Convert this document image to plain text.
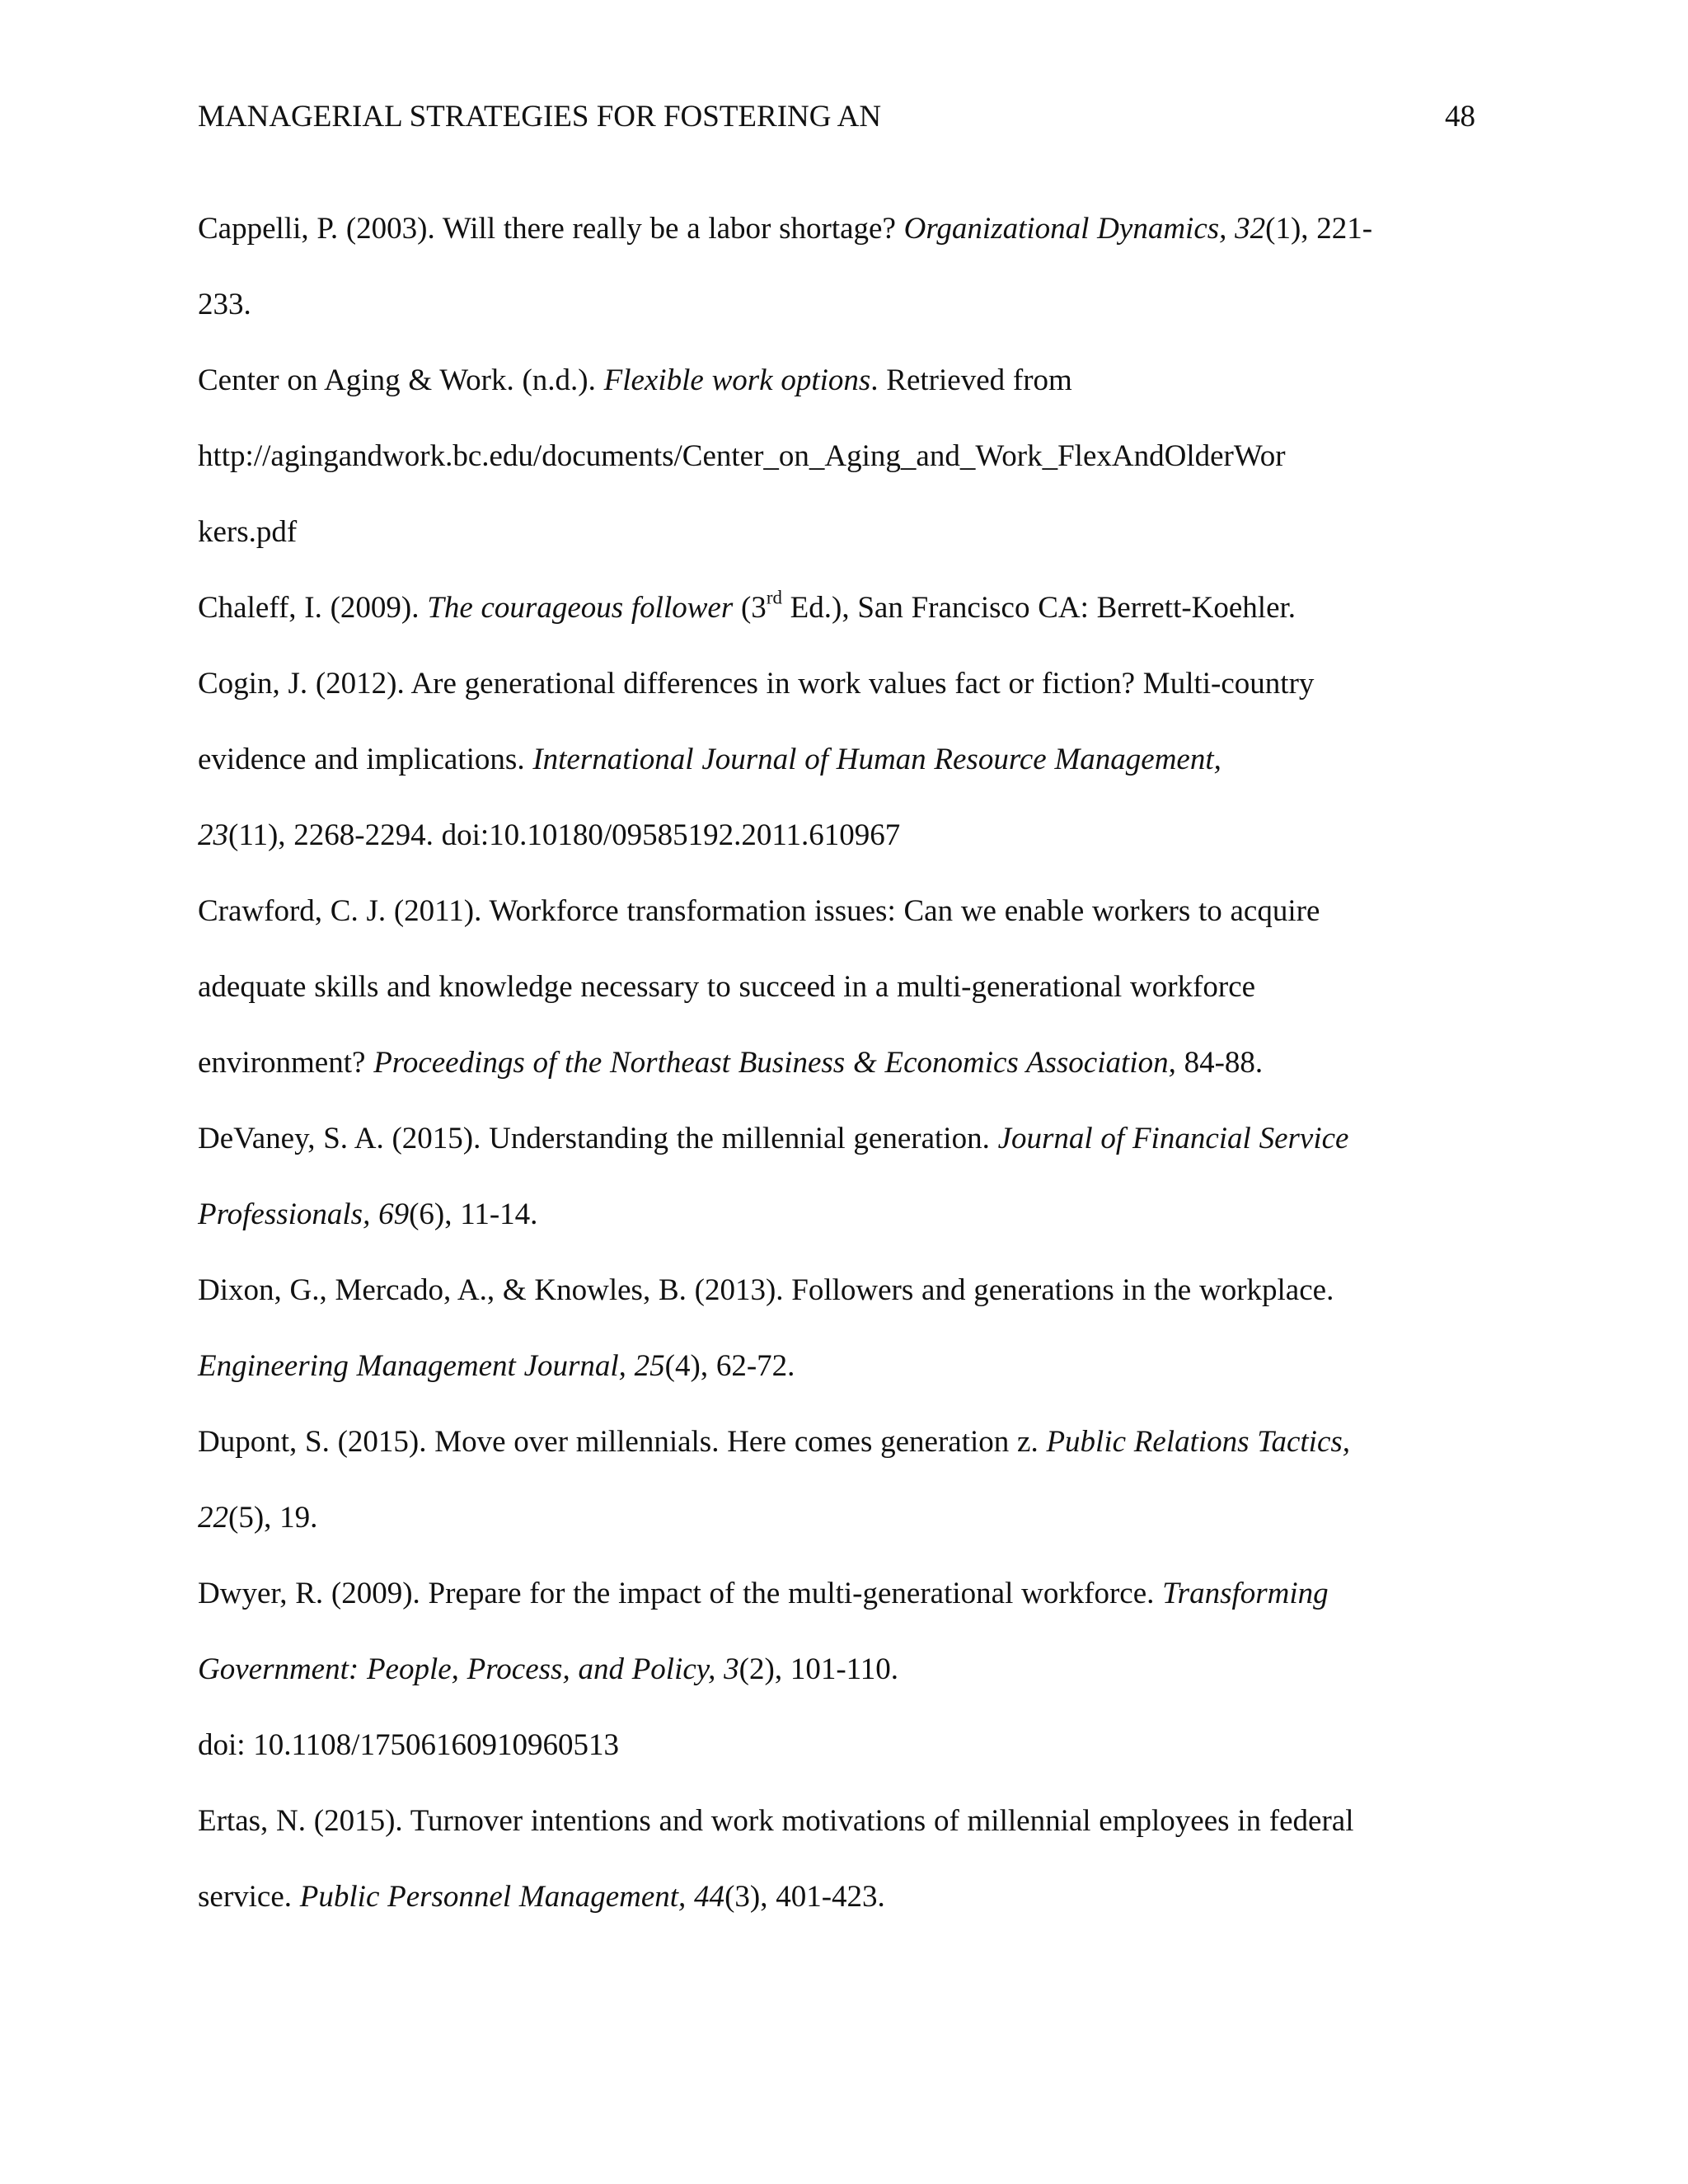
MANAGERIAL STRATEGIES FOR FOSTERING AN	48

Cappelli, P. (2003). Will there really be a labor shortage? Organizational Dynamics, 32(1), 221-
233.

Center on Aging & Work. (n.d.). Flexible work options. Retrieved from
http://agingandwork.bc.edu/documents/Center_on_Aging_and_Work_FlexAndOlderWor
kers.pdf

Chaleff, I. (2009). The courageous follower (3rd Ed.), San Francisco CA: Berrett-Koehler.

Cogin, J. (2012). Are generational differences in work values fact or fiction? Multi-country
evidence and implications. International Journal of Human Resource Management,
23(11), 2268-2294. doi:10.10180/09585192.2011.610967

Crawford, C. J. (2011). Workforce transformation issues: Can we enable workers to acquire
adequate skills and knowledge necessary to succeed in a multi-generational workforce
environment? Proceedings of the Northeast Business & Economics Association, 84-88.

DeVaney, S. A. (2015). Understanding the millennial generation. Journal of Financial Service
Professionals, 69(6), 11-14.

Dixon, G., Mercado, A., & Knowles, B. (2013). Followers and generations in the workplace.
Engineering Management Journal, 25(4), 62-72.

Dupont, S. (2015). Move over millennials. Here comes generation z. Public Relations Tactics,
22(5), 19.

Dwyer, R. (2009). Prepare for the impact of the multi-generational workforce. Transforming
Government: People, Process, and Policy, 3(2), 101-110.
doi: 10.1108/17506160910960513

Ertas, N. (2015). Turnover intentions and work motivations of millennial employees in federal
service. Public Personnel Management, 44(3), 401-423.
